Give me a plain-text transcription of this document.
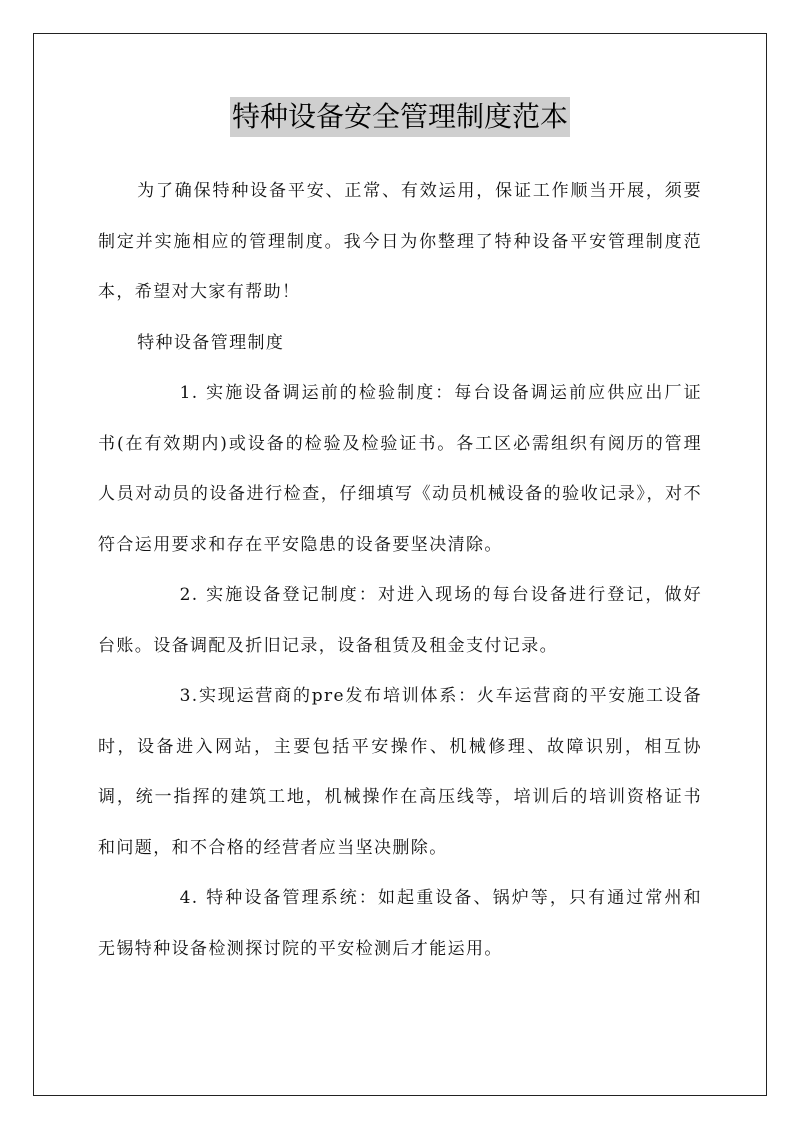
特种设备安全管理制度范本

为了确保特种设备平安、正常、有效运用，保证工作顺当开展，须要制定并实施相应的管理制度。我今日为你整理了特种设备平安管理制度范本，希望对大家有帮助！

特种设备管理制度

1. 实施设备调运前的检验制度：每台设备调运前应供应出厂证书(在有效期内)或设备的检验及检验证书。各工区必需组织有阅历的管理人员对动员的设备进行检查，仔细填写《动员机械设备的验收记录》，对不符合运用要求和存在平安隐患的设备要坚决清除。

2. 实施设备登记制度：对进入现场的每台设备进行登记，做好台账。设备调配及折旧记录，设备租赁及租金支付记录。

3.实现运营商的pre发布培训体系：火车运营商的平安施工设备时，设备进入网站，主要包括平安操作、机械修理、故障识别，相互协调，统一指挥的建筑工地，机械操作在高压线等，培训后的培训资格证书和问题，和不合格的经营者应当坚决删除。

4. 特种设备管理系统：如起重设备、锅炉等，只有通过常州和无锡特种设备检测探讨院的平安检测后才能运用。
